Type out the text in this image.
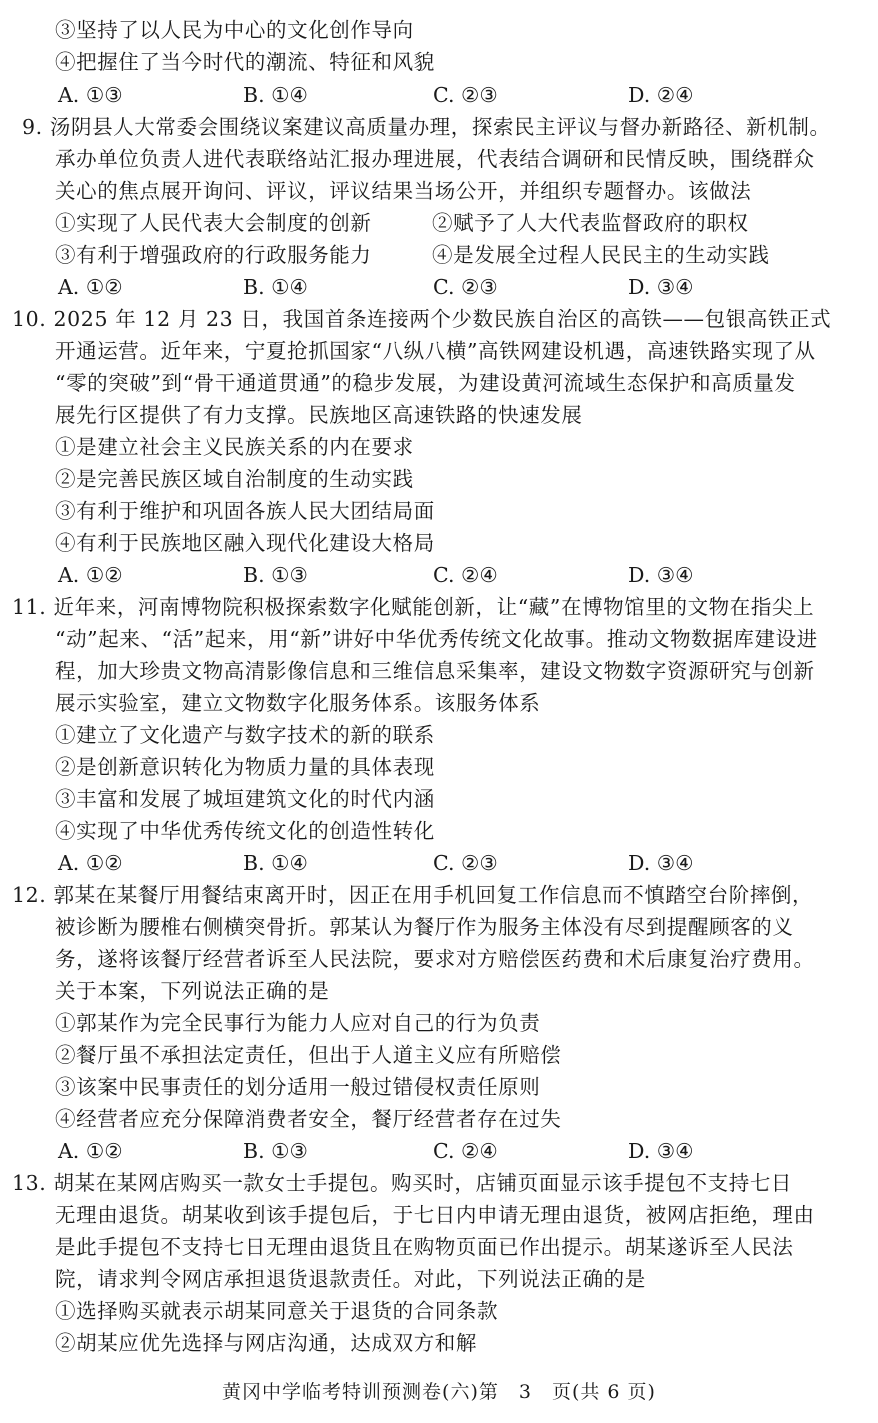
③坚持了以人民为中心的文化创作导向
④把握住了当今时代的潮流、特征和风貌
A. ①③	B. ①④	C. ②③	D. ②④
9. 汤阴县人大常委会围绕议案建议高质量办理，探索民主评议与督办新路径、新机制。
承办单位负责人进代表联络站汇报办理进展，代表结合调研和民情反映，围绕群众
关心的焦点展开询问、评议，评议结果当场公开，并组织专题督办。该做法
①实现了人民代表大会制度的创新	②赋予了人大代表监督政府的职权
③有利于增强政府的行政服务能力	④是发展全过程人民民主的生动实践
A. ①②	B. ①④	C. ②③	D. ③④
10. 2025 年 12 月 23 日，我国首条连接两个少数民族自治区的高铁——包银高铁正式
开通运营。近年来，宁夏抢抓国家“八纵八横”高铁网建设机遇，高速铁路实现了从
“零的突破”到“骨干通道贯通”的稳步发展，为建设黄河流域生态保护和高质量发
展先行区提供了有力支撑。民族地区高速铁路的快速发展
①是建立社会主义民族关系的内在要求
②是完善民族区域自治制度的生动实践
③有利于维护和巩固各族人民大团结局面
④有利于民族地区融入现代化建设大格局
A. ①②	B. ①③	C. ②④	D. ③④
11. 近年来，河南博物院积极探索数字化赋能创新，让“藏”在博物馆里的文物在指尖上
“动”起来、“活”起来，用“新”讲好中华优秀传统文化故事。推动文物数据库建设进
程，加大珍贵文物高清影像信息和三维信息采集率，建设文物数字资源研究与创新
展示实验室，建立文物数字化服务体系。该服务体系
①建立了文化遗产与数字技术的新的联系
②是创新意识转化为物质力量的具体表现
③丰富和发展了城垣建筑文化的时代内涵
④实现了中华优秀传统文化的创造性转化
A. ①②	B. ①④	C. ②③	D. ③④
12. 郭某在某餐厅用餐结束离开时，因正在用手机回复工作信息而不慎踏空台阶摔倒，
被诊断为腰椎右侧横突骨折。郭某认为餐厅作为服务主体没有尽到提醒顾客的义
务，遂将该餐厅经营者诉至人民法院，要求对方赔偿医药费和术后康复治疗费用。
关于本案，下列说法正确的是
①郭某作为完全民事行为能力人应对自己的行为负责
②餐厅虽不承担法定责任，但出于人道主义应有所赔偿
③该案中民事责任的划分适用一般过错侵权责任原则
④经营者应充分保障消费者安全，餐厅经营者存在过失
A. ①②	B. ①③	C. ②④	D. ③④
13. 胡某在某网店购买一款女士手提包。购买时，店铺页面显示该手提包不支持七日
无理由退货。胡某收到该手提包后，于七日内申请无理由退货，被网店拒绝，理由
是此手提包不支持七日无理由退货且在购物页面已作出提示。胡某遂诉至人民法
院，请求判令网店承担退货退款责任。对此，下列说法正确的是
①选择购买就表示胡某同意关于退货的合同条款
②胡某应优先选择与网店沟通，达成双方和解
黄冈中学临考特训预测卷(六)第　3　页(共 6 页)
